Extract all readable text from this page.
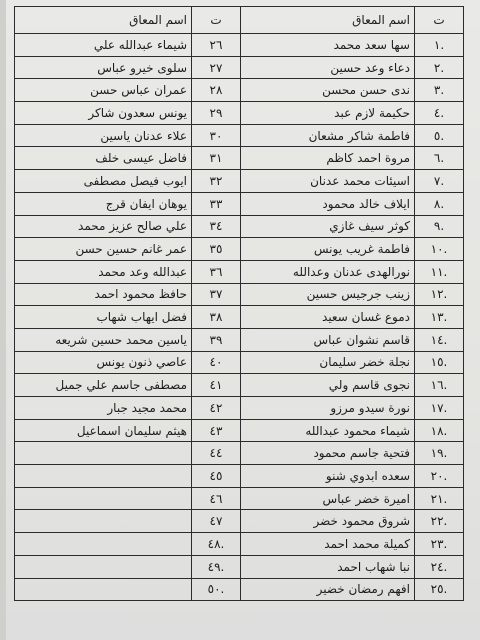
ت	اسم المعاق	ت	اسم المعاق
.١	سها سعد محمد	٢٦	شيماء عبدالله علي
.٢	دعاء وعد حسين	٢٧	سلوى خيرو عباس
.٣	ندى حسن محسن	٢٨	عمران عباس حسن
.٤	حكيمة لازم عبد	٢٩	يونس سعدون شاكر
.٥	فاطمة شاكر مشعان	٣٠	علاء عدنان ياسين
.٦	مروة احمد كاظم	٣١	فاضل عيسى خلف
.٧	اسيئات محمد عدنان	٣٢	ايوب فيصل مصطفى
.٨	ايلاف خالد محمود	٣٣	يوهان ايفان قرج
.٩	كوثر سيف غازي	٣٤	علي صالح عزيز محمد
.١٠	فاطمة غريب يونس	٣٥	عمر غانم حسين حسن
.١١	نورالهدى عدنان وعدالله	٣٦	عبدالله وعد محمد
.١٢	زينب جرجيس حسين	٣٧	حافظ محمود احمد
.١٣	دموع غسان سعيد	٣٨	فضل ايهاب شهاب
.١٤	قاسم نشوان عباس	٣٩	ياسين محمد حسين شريعه
.١٥	نجلة خضر سليمان	٤٠	عاصي ذنون يونس
.١٦	نجوى قاسم ولي	٤١	مصطفى جاسم علي جميل
.١٧	نورة سيدو مرزو	٤٢	محمد مجيد جبار
.١٨	شيماء محمود عبدالله	٤٣	هيثم سليمان اسماعيل
.١٩	فتحية جاسم محمود	٤٤	
.٢٠	سعده ابدوي شنو	٤٥	
.٢١	اميرة خضر عباس	٤٦	
.٢٢	شروق محمود خضر	٤٧	
.٢٣	كميلة محمد احمد	.٤٨	
.٢٤	نبا شهاب احمد	.٤٩	
.٢٥	افهم رمضان خضير	.٥٠	
